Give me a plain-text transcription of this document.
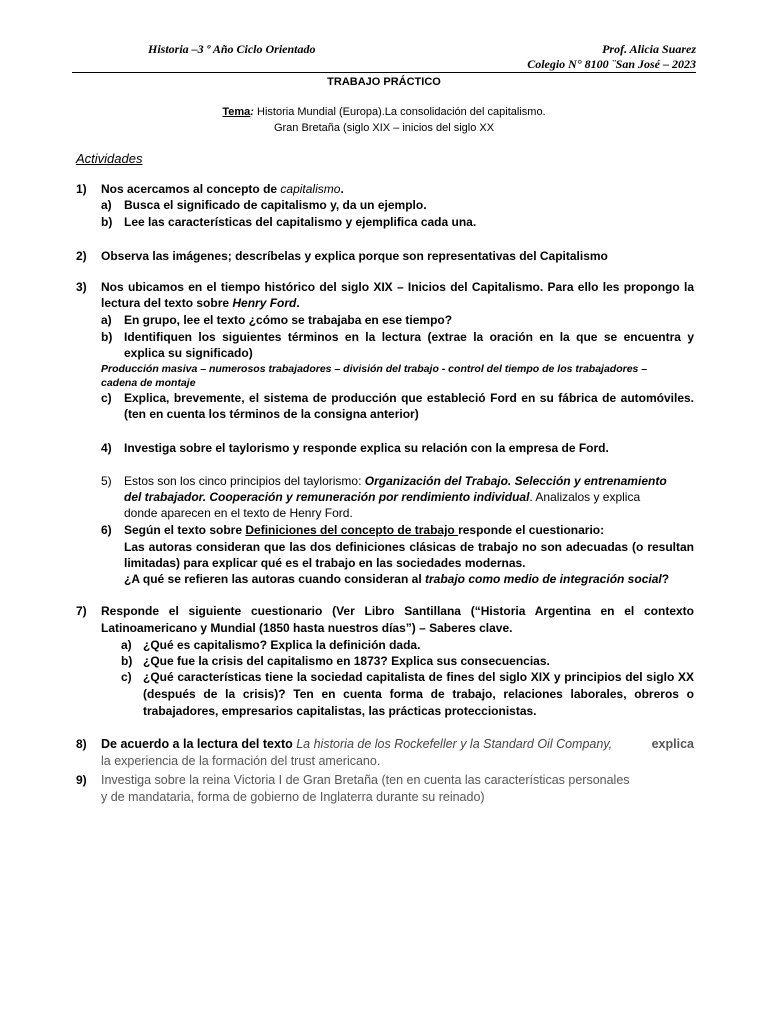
Historia –3 º Año Ciclo Orientado	Prof. Alicia Suarez
Colegio N° 8100 ¨San José – 2023
TRABAJO PRÁCTICO
Tema: Historia Mundial (Europa).La consolidación del capitalismo.
Gran Bretaña (siglo XIX – inicios del siglo XX
Actividades
1) Nos acercamos al concepto de capitalismo.
a) Busca el significado de capitalismo y, da un ejemplo.
b) Lee las características del capitalismo y ejemplifica cada una.
2) Observa las imágenes; descríbelas y explica porque son representativas del Capitalismo
3) Nos ubicamos en el tiempo histórico del siglo XIX – Inicios del Capitalismo. Para ello les propongo la
lectura del texto sobre Henry Ford.
a) En grupo, lee el texto ¿cómo se trabajaba en ese tiempo?
b) Identifiquen los siguientes términos en la lectura (extrae la oración en la que se encuentra y
explica su significado)
Producción masiva – numerosos trabajadores – división del trabajo - control del tiempo de los trabajadores –
cadena de montaje
c) Explica, brevemente, el sistema de producción que estableció Ford en su fábrica de automóviles.
(ten en cuenta los términos de la consigna anterior)
4) Investiga sobre el taylorismo y responde explica su relación con la empresa de Ford.
5) Estos son los cinco principios del taylorismo: Organización del Trabajo. Selección y entrenamiento
del trabajador. Cooperación y remuneración por rendimiento individual. Analizalos y explica
donde aparecen en el texto de Henry Ford.
6) Según el texto sobre Definiciones del concepto de trabajo responde el cuestionario:
Las autoras consideran que las dos definiciones clásicas de trabajo no son adecuadas (o resultan
limitadas) para explicar qué es el trabajo en las sociedades modernas.
¿A qué se refieren las autoras cuando consideran al trabajo como medio de integración social?
7) Responde el siguiente cuestionario (Ver Libro Santillana (“Historia Argentina en el contexto
Latinoamericano y Mundial (1850 hasta nuestros días”) – Saberes clave.
a) ¿Qué es capitalismo? Explica la definición dada.
b) ¿Que fue la crisis del capitalismo en 1873? Explica sus consecuencias.
c) ¿Qué características tiene la sociedad capitalista de fines del siglo XIX y principios del siglo XX
(después de la crisis)? Ten en cuenta forma de trabajo, relaciones laborales, obreros o
trabajadores, empresarios capitalistas, las prácticas proteccionistas.
8) De acuerdo a la lectura del texto La historia de los Rockefeller y la Standard Oil Company,	explica
la experiencia de la formación del trust americano.
9) Investiga sobre la reina Victoria I de Gran Bretaña (ten en cuenta las características personales
y de mandataria, forma de gobierno de Inglaterra durante su reinado)
